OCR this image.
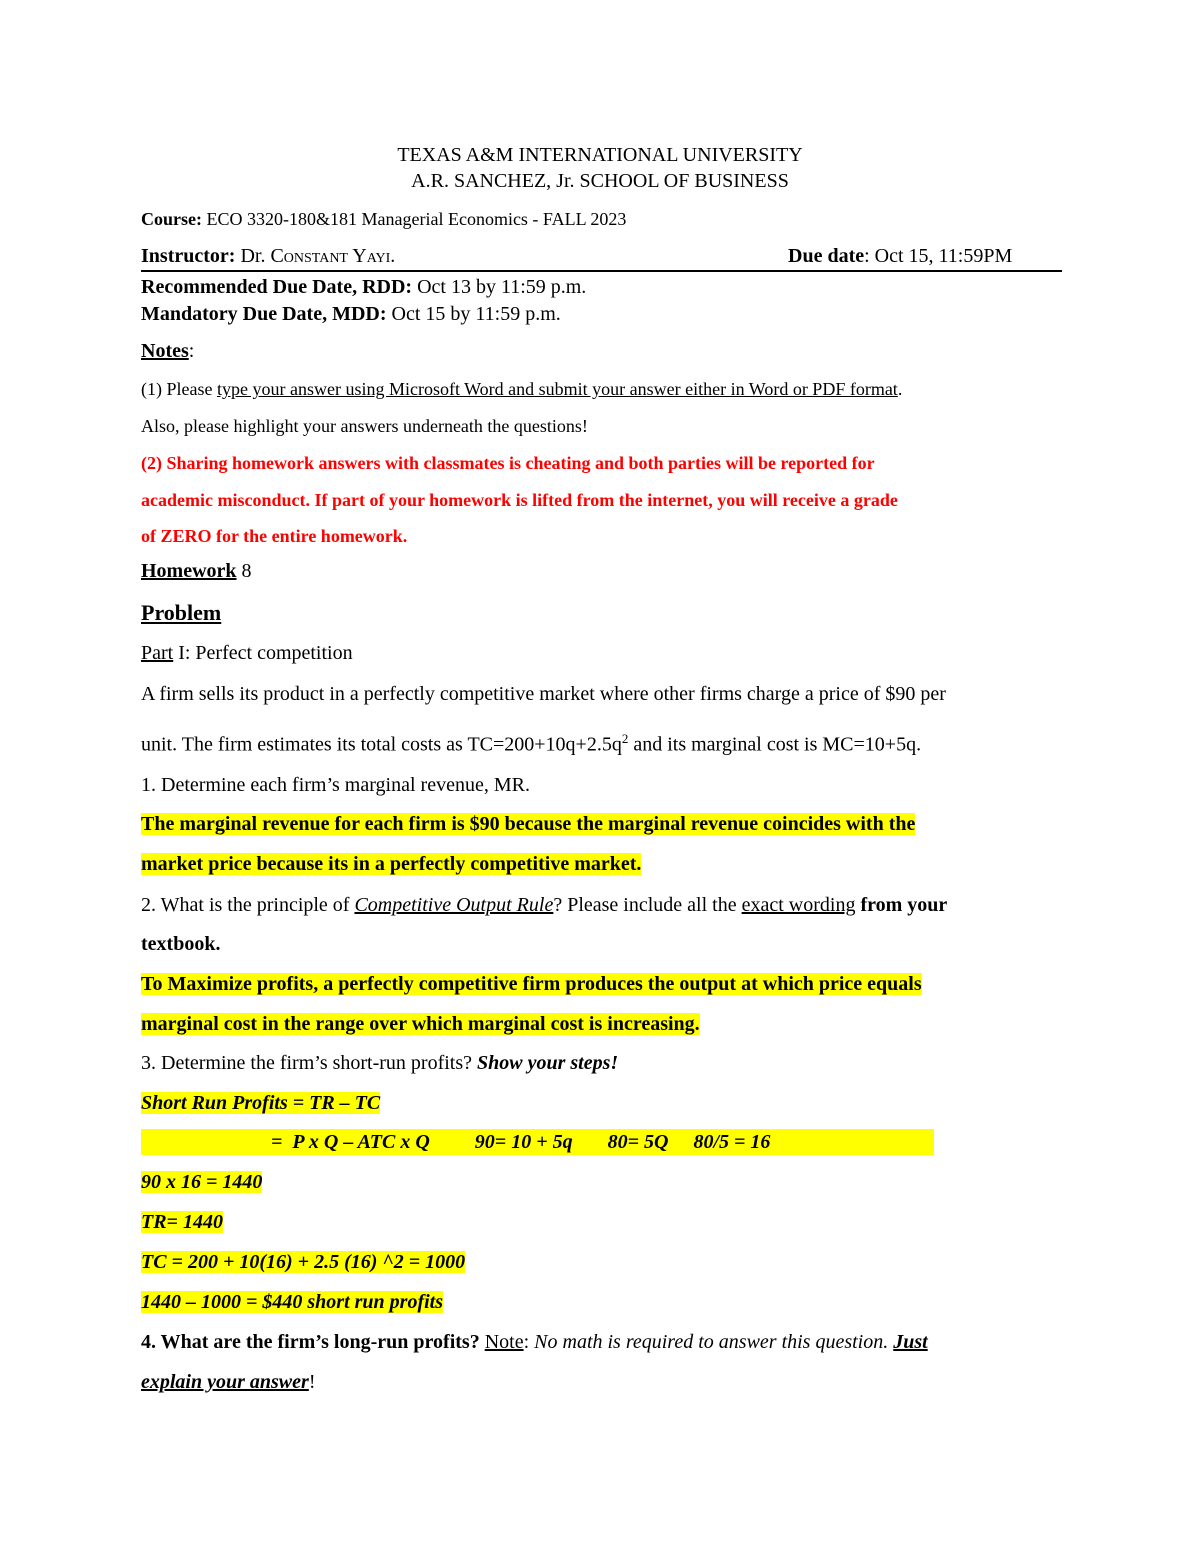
TEXAS A&M INTERNATIONAL UNIVERSITY
A.R. SANCHEZ, Jr. SCHOOL OF BUSINESS
Course: ECO 3320-180&181 Managerial Economics - FALL 2023
Instructor: Dr. Constant Yayi.	Due date: Oct 15, 11:59PM
Recommended Due Date, RDD: Oct 13 by 11:59 p.m.
Mandatory Due Date, MDD: Oct 15 by 11:59 p.m.
Notes:
(1) Please type your answer using Microsoft Word and submit your answer either in Word or PDF format.
Also, please highlight your answers underneath the questions!
(2) Sharing homework answers with classmates is cheating and both parties will be reported for
academic misconduct. If part of your homework is lifted from the internet, you will receive a grade
of ZERO for the entire homework.
Homework 8
Problem
Part I: Perfect competition
A firm sells its product in a perfectly competitive market where other firms charge a price of $90 per
unit. The firm estimates its total costs as $TC=200+10q+2.5q^2$ and its marginal cost is MC=10+5q.
1. Determine each firm’s marginal revenue, MR.
The marginal revenue for each firm is $90 because the marginal revenue coincides with the
market price because its in a perfectly competitive market.
2. What is the principle of Competitive Output Rule? Please include all the exact wording from your
textbook.
To Maximize profits, a perfectly competitive firm produces the output at which price equals
marginal cost in the range over which marginal cost is increasing.
3. Determine the firm’s short-run profits? Show your steps!
Short Run Profits = TR – TC
=  P x Q – ATC x Q         90= 10 + 5q       80= 5Q     80/5 = 16
90 x 16 = 1440
TR= 1440
TC = 200 + 10(16) + 2.5 (16) ^2 = 1000
1440 – 1000 = $440 short run profits
4. What are the firm’s long-run profits? Note: No math is required to answer this question. Just
explain your answer!
